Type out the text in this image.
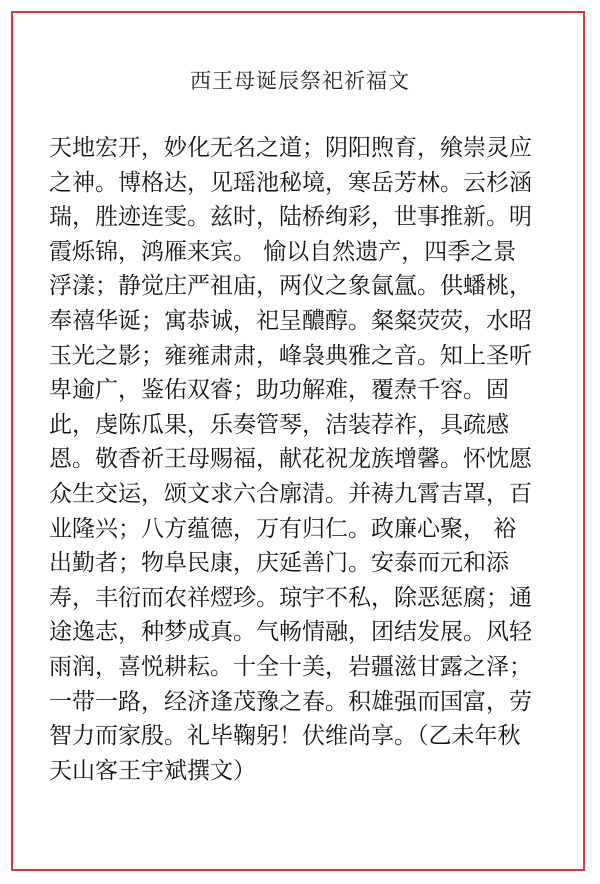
西王母诞辰祭祀祈福文
天地宏开，妙化无名之道；阴阳煦育，飨崇灵应
之神。博格达，见瑶池秘境，寒岳芳林。云杉涵
瑞，胜迹连雯。兹时，陆桥绚彩，世事推新。明
霞烁锦，鸿雁来宾。 愉以自然遗产，四季之景
浮漾；静觉庄严祖庙，两仪之象氤氲。供蟠桃，
奉禧华诞；寓恭诚，祀呈醲醇。粲粲荧荧，水昭
玉光之影；雍雍肃肃，峰袅典雅之音。知上圣听
卑逾广，鉴佑双睿；助功解难，覆焘千容。固
此，虔陈瓜果，乐奏管琴，洁装荐祚，具疏感
恩。敬香祈王母赐福，献花祝龙族增馨。怀忱愿
众生交运，颂文求六合廓清。并祷九霄吉罩，百
业隆兴；八方蕴德，万有归仁。政廉心聚， 裕
出勤者；物阜民康，庆延善门。安泰而元和添
寿，丰衍而农祥熤珍。琼宇不私，除恶惩腐；通
途逸志，种梦成真。气畅情融，团结发展。风轻
雨润，喜悦耕耘。十全十美，岩疆滋甘露之泽；
一带一路，经济逢茂豫之春。积雄强而国富，劳
智力而家殷。礼毕鞠躬！伏维尚享。（乙未年秋
天山客王宇斌撰文）
